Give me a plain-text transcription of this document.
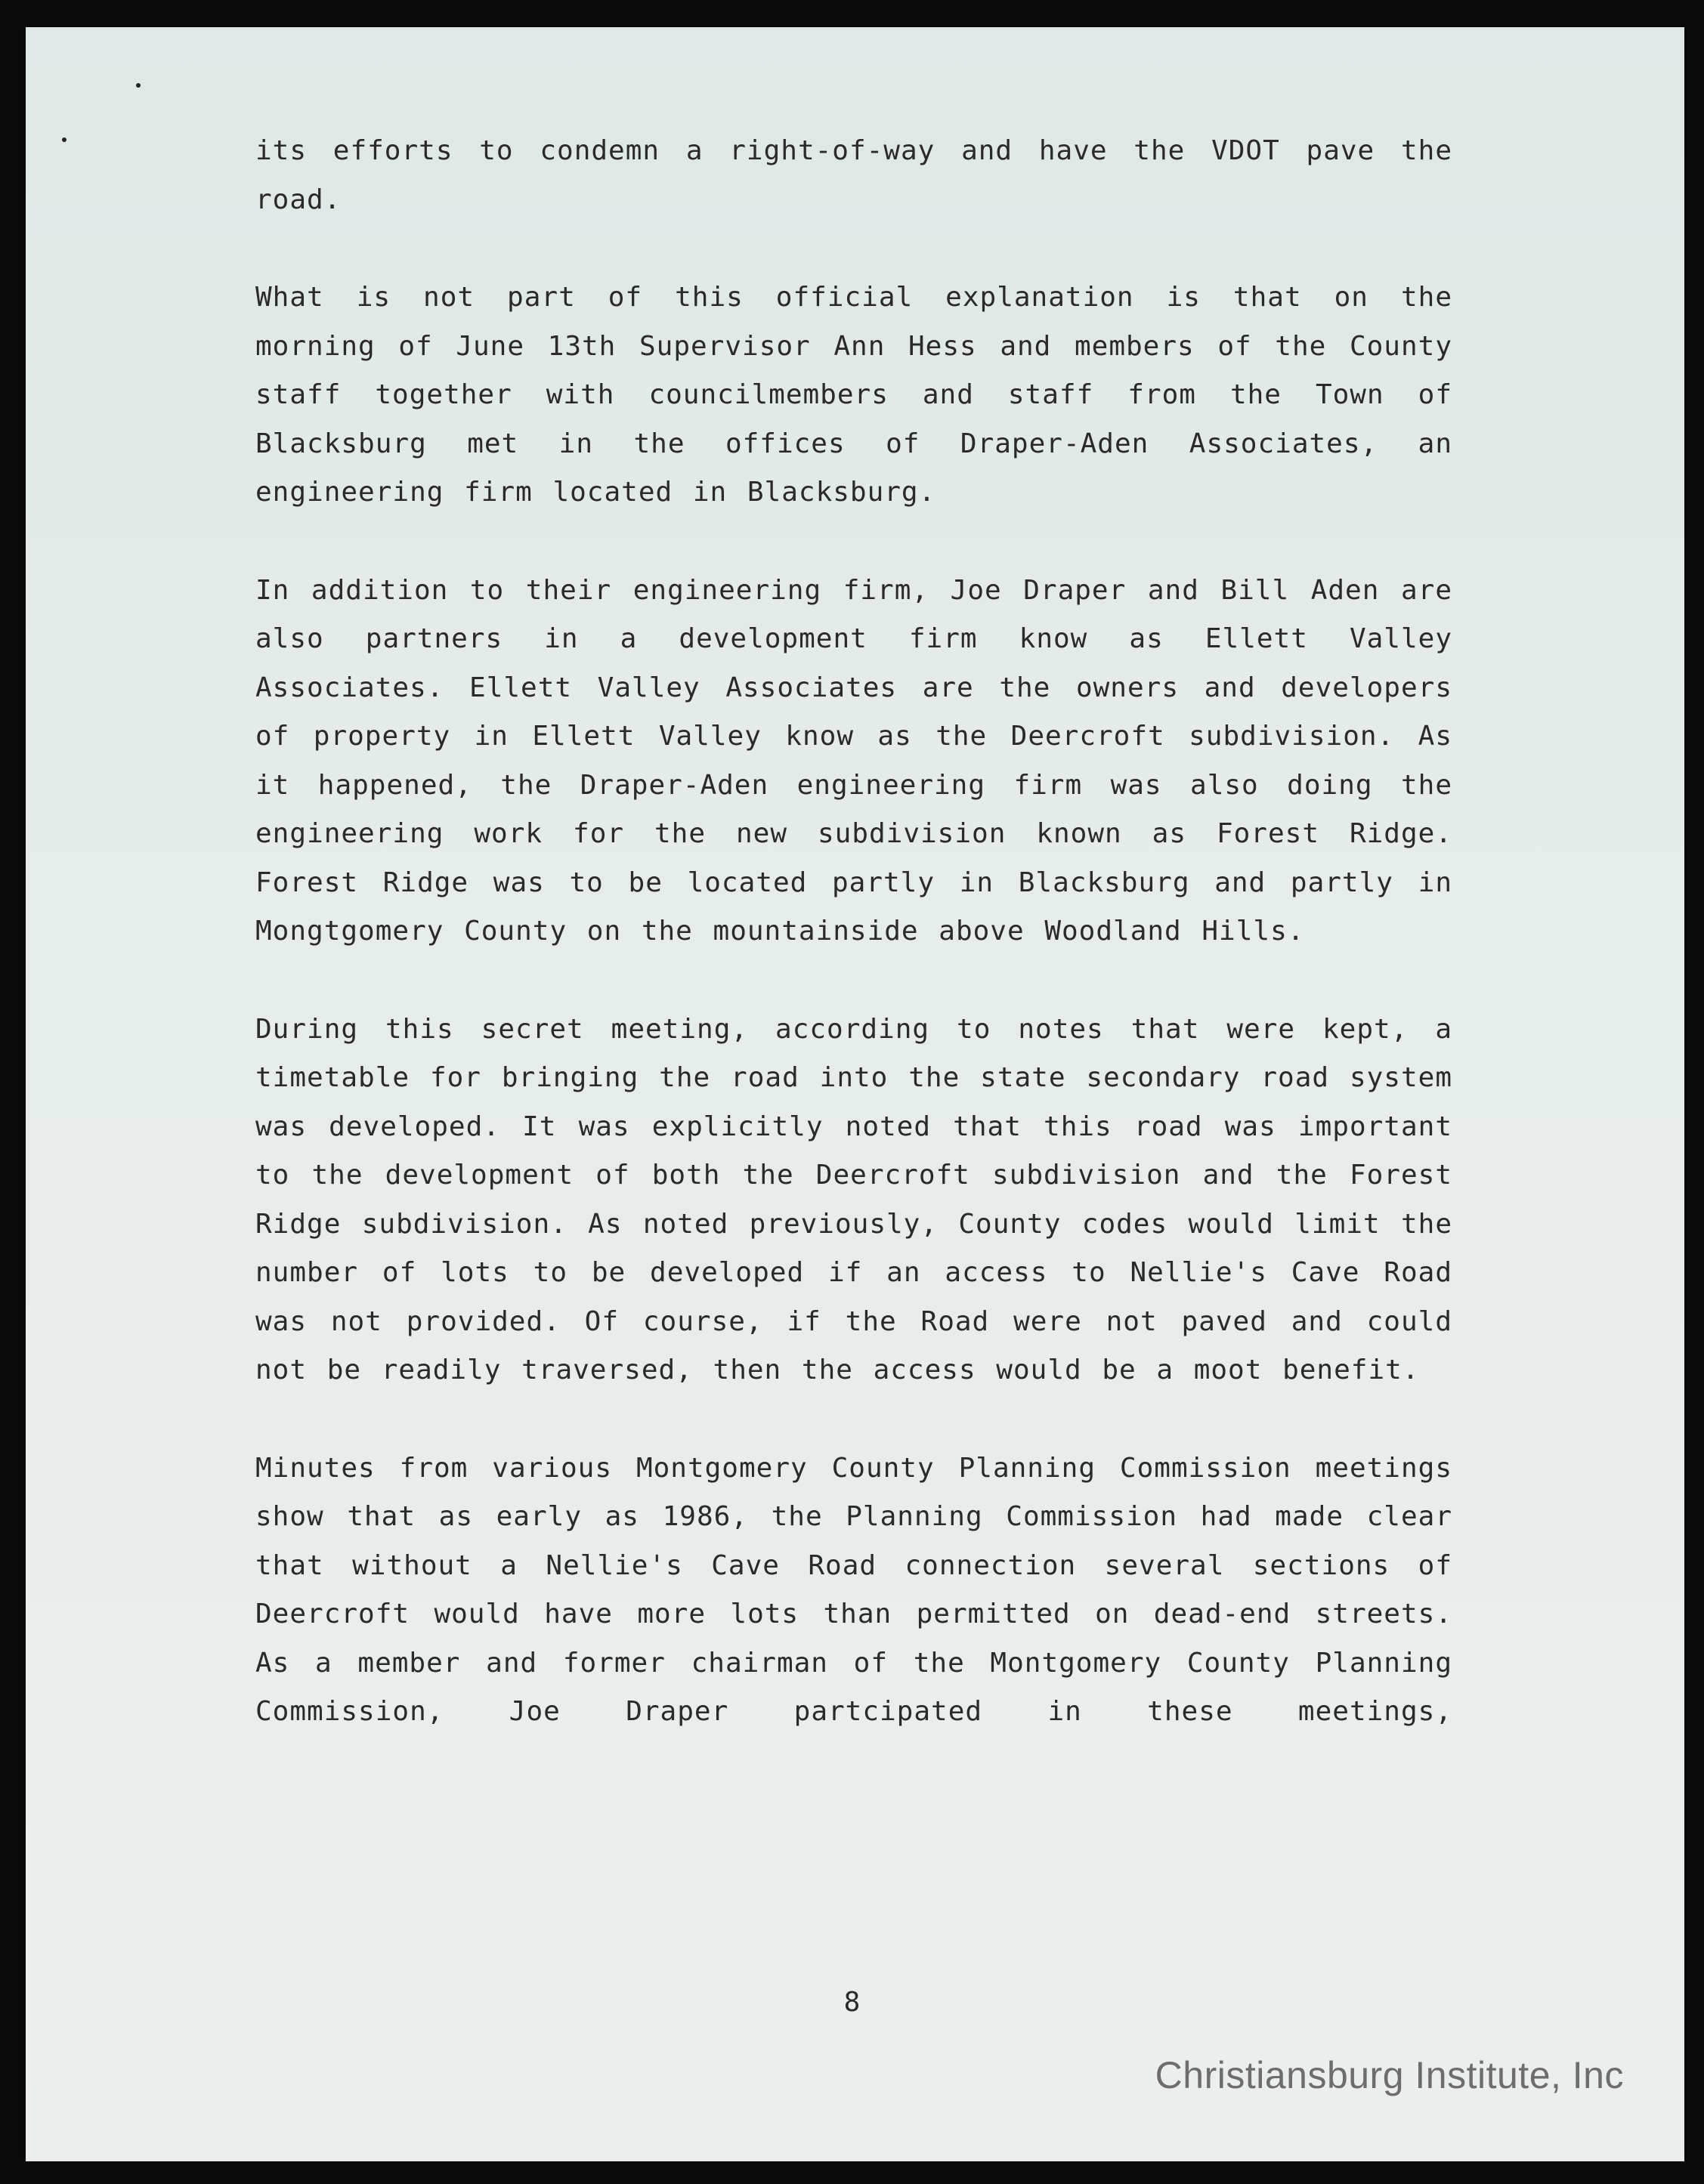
its efforts to condemn a right-of-way and have the VDOT pave the road.

What is not part of this official explanation is that on the morning of June 13th Supervisor Ann Hess and members of the County staff together with councilmembers and staff from the Town of Blacksburg met in the offices of Draper-Aden Associates, an engineering firm located in Blacksburg.

In addition to their engineering firm, Joe Draper and Bill Aden are also partners in a development firm know as Ellett Valley Associates. Ellett Valley Associates are the owners and developers of property in Ellett Valley know as the Deercroft subdivision. As it happened, the Draper-Aden engineering firm was also doing the engineering work for the new subdivision known as Forest Ridge. Forest Ridge was to be located partly in Blacksburg and partly in Mongtgomery County on the mountainside above Woodland Hills.

During this secret meeting, according to notes that were kept, a timetable for bringing the road into the state secondary road system was developed. It was explicitly noted that this road was important to the development of both the Deercroft subdivision and the Forest Ridge subdivision. As noted previously, County codes would limit the number of lots to be developed if an access to Nellie's Cave Road was not provided. Of course, if the Road were not paved and could not be readily traversed, then the access would be a moot benefit.

Minutes from various Montgomery County Planning Commission meetings show that as early as 1986, the Planning Commission had made clear that without a Nellie's Cave Road connection several sections of Deercroft would have more lots than permitted on dead-end streets. As a member and former chairman of the Montgomery County Planning Commission, Joe Draper partcipated in these meetings,

8
Christiansburg Institute, Inc
